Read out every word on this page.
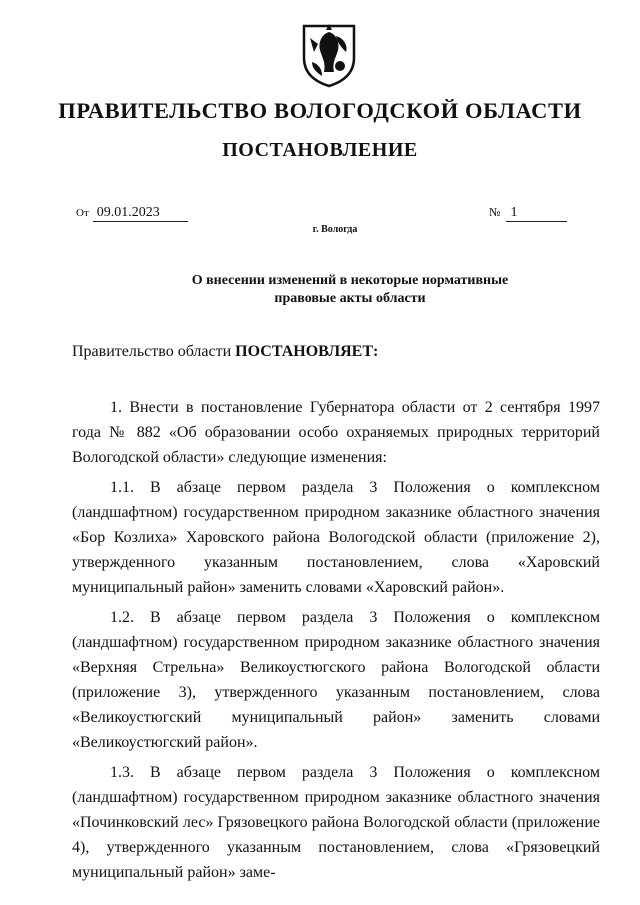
ПРАВИТЕЛЬСТВО ВОЛОГОДСКОЙ ОБЛАСТИ
ПОСТАНОВЛЕНИЕ
От 09.01.2023	№ 1
г. Вологда
О внесении изменений в некоторые нормативные
правовые акты области
Правительство области ПОСТАНОВЛЯЕТ:

1. Внести в постановление Губернатора области от 2 сентября 1997 года № 882 «Об образовании особо охраняемых природных территорий Вологодской области» следующие изменения:

1.1. В абзаце первом раздела 3 Положения о комплексном (ландшафтном) государственном природном заказнике областного значения «Бор Козлиха» Харовского района Вологодской области (приложение 2), утвержденного указанным постановлением, слова «Харовский муниципальный район» заменить словами «Харовский район».

1.2. В абзаце первом раздела 3 Положения о комплексном (ландшафтном) государственном природном заказнике областного значения «Верхняя Стрельна» Великоустюгского района Вологодской области (приложение 3), утвержденного указанным постановлением, слова «Великоустюгский муниципальный район» заменить словами «Великоустюгский район».

1.3. В абзаце первом раздела 3 Положения о комплексном (ландшафтном) государственном природном заказнике областного значения «Починковский лес» Грязовецкого района Вологодской области (приложение 4), утвержденного указанным постановлением, слова «Грязовецкий муниципальный район» заме-
